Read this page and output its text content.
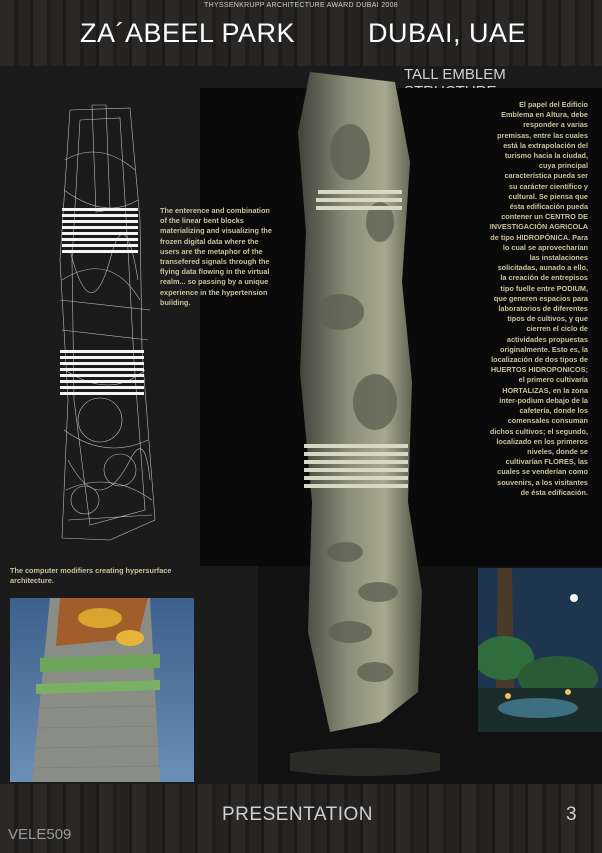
THYSSENKRUPP ARCHITECTURE AWARD DUBAI 2008
ZA´ABEEL PARK	DUBAI, UAE
TALL EMBLEM
El papel del Edificio
Emblema en Altura, debe
responder a varias
premisas, entre las cuales
está la extrapolación del
turismo hacia la ciudad,
cuya principal
característica pueda ser
su carácter científico y
cultural. Se piensa que
ésta edificación pueda
contener un CENTRO DE
INVESTIGACIÓN AGRICOLA
de tipo HIDROPÓNICA. Para
lo cual se aprovecharían
las instalaciones
solicitadas, aunado a ello,
la creación de entrepisos
tipo fuelle entre PODIUM,
que generen espacios para
laboratorios de diferentes
tipos de cultivos, y que
cierren el ciclo de
actividades propuestas
originalmente. Esto es, la
localización de dos tipos de
HUERTOS HIDROPONICOS;
el primero cultivaría
HORTALIZAS, en la zona
inter-podium debajo de la
cafetería, donde los
comensales consuman
dichos cultivos; el segundo,
localizado en los primeros
niveles, donde se
cultivarían FLORES, las
cuales se venderían como
souvenirs, a los visitantes
de ésta edificación.
The enterence and combination of the linear bent blocks materializing and visualizing the frozen digital data where the users are the metaphor of the transefered signals through the flying data flowing in the virtual realm... so passing by a unique experience in the hypertension building.
The computer modifiers creating hypersurface architecture.
PRESENTATION	3
VELE509
